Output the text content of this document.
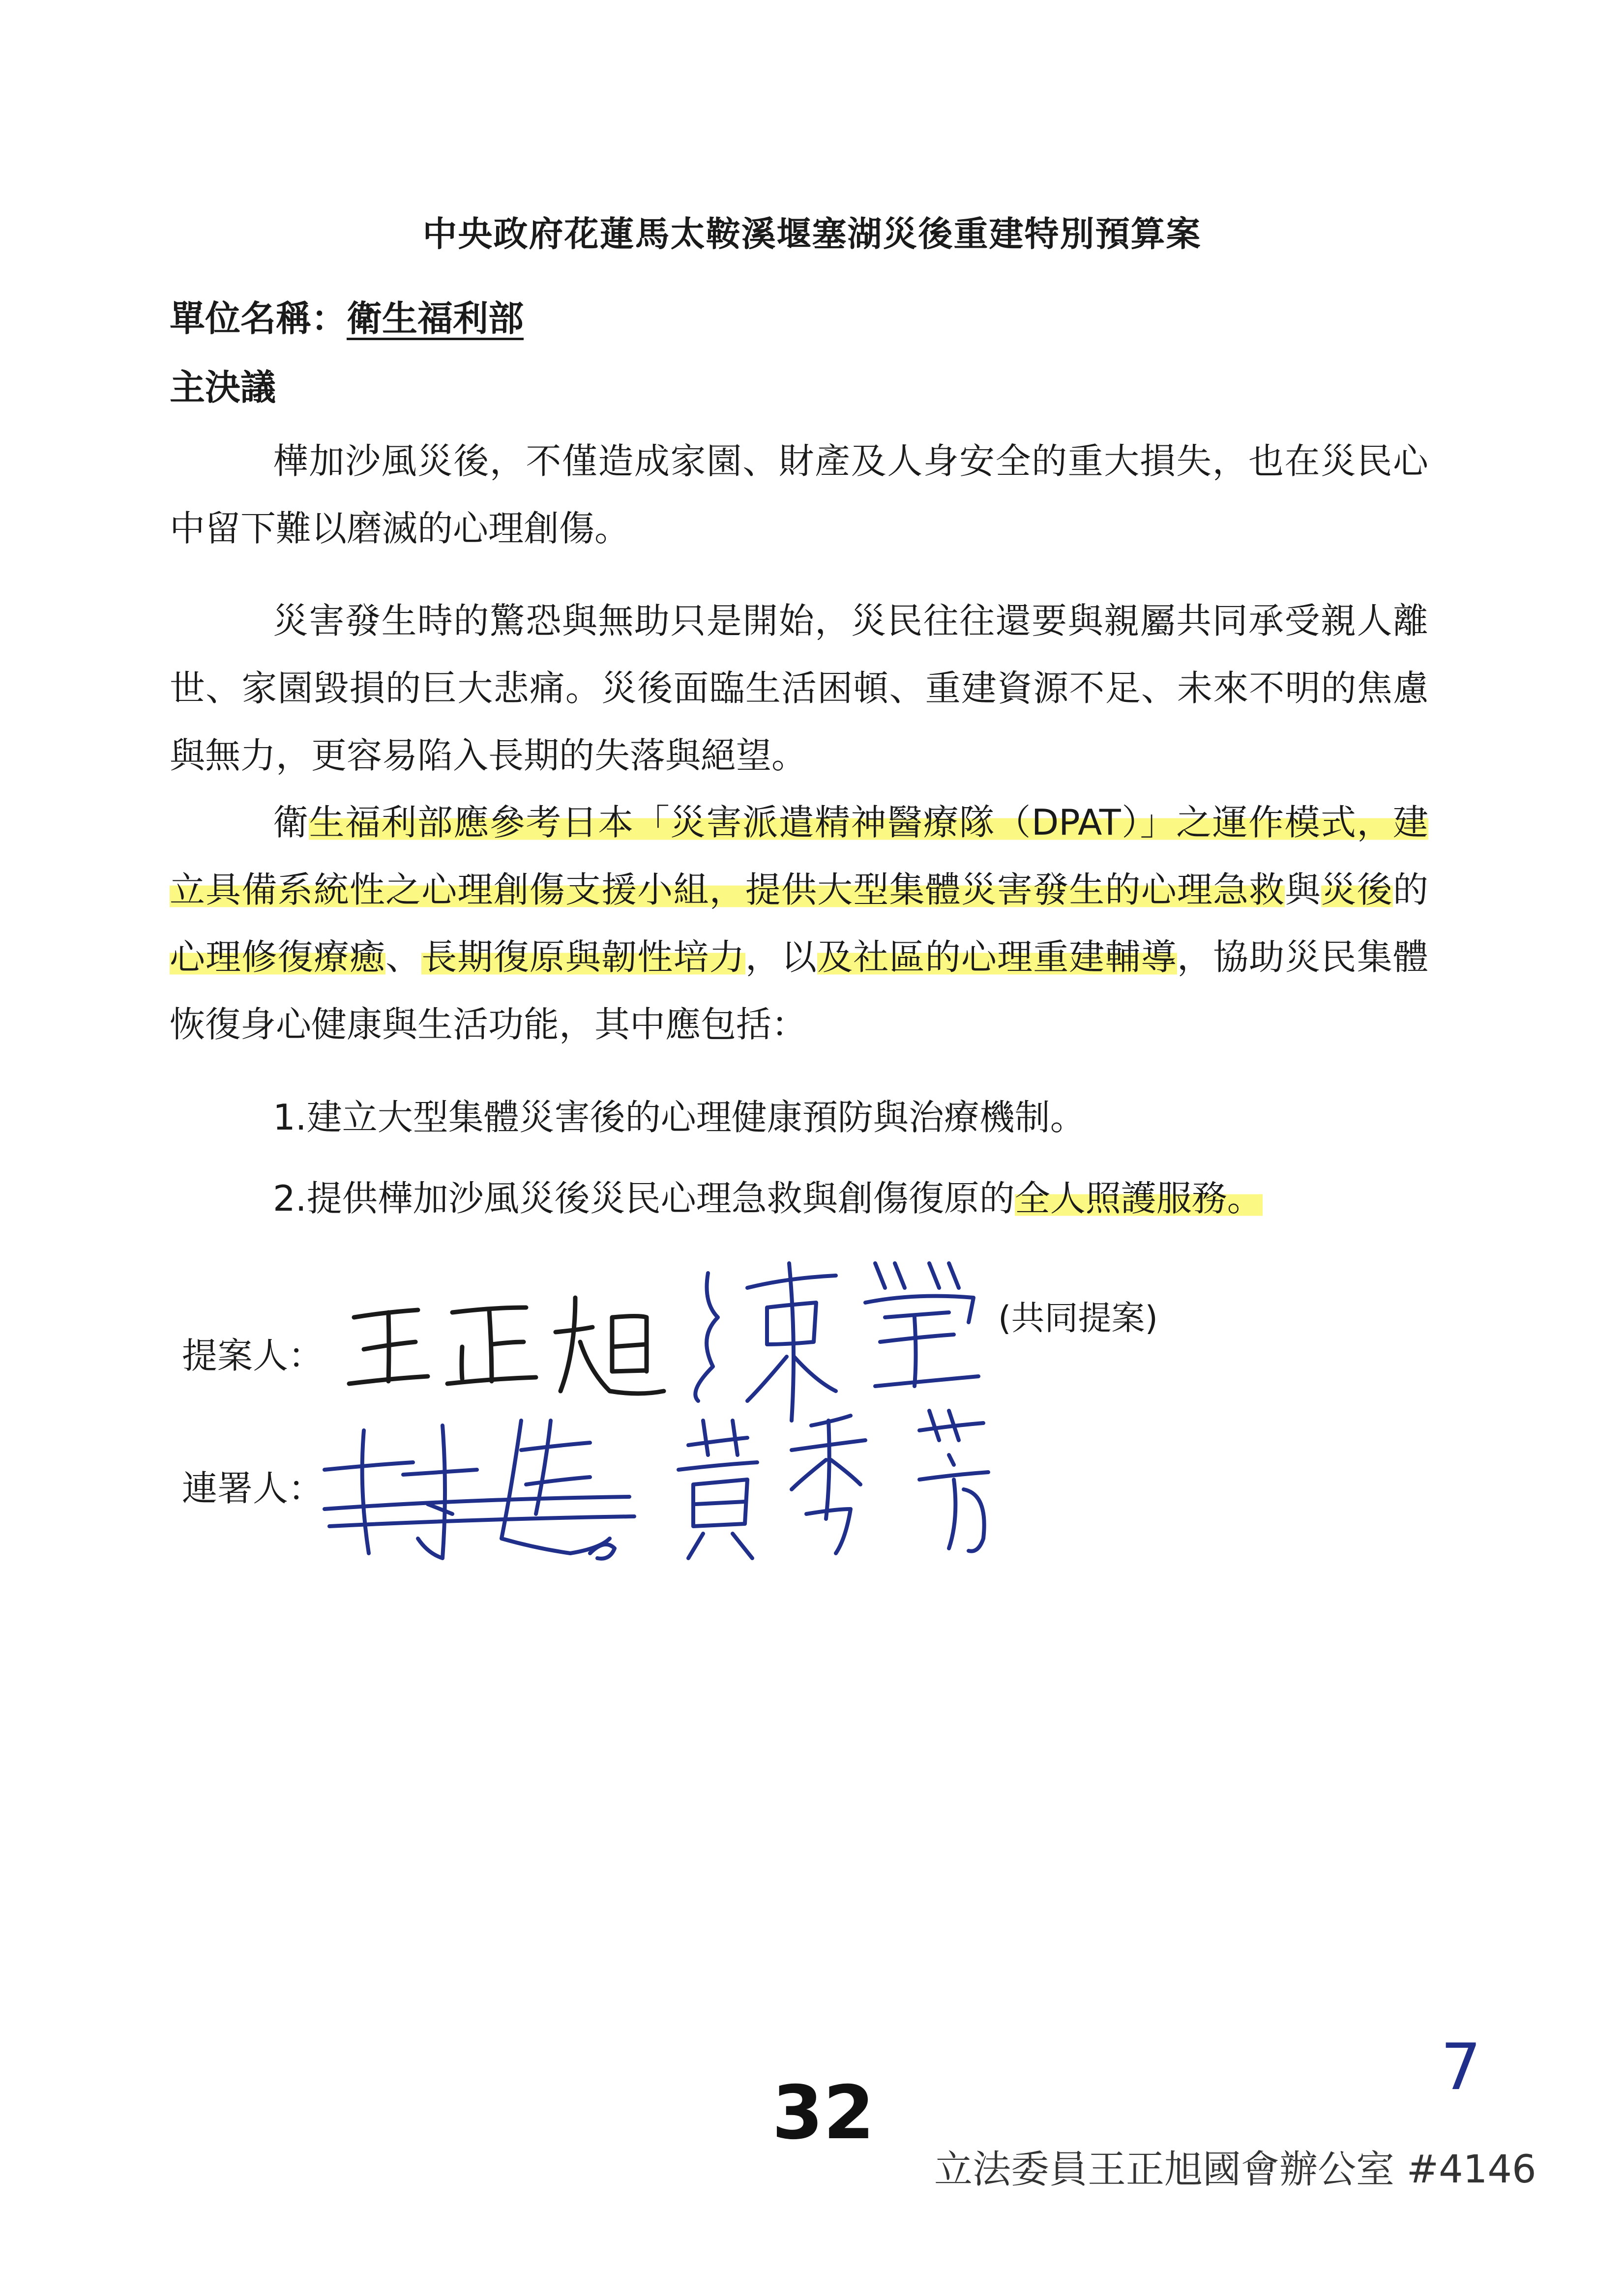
中央政府花蓮馬太鞍溪堰塞湖災後重建特別預算案
單位名稱：衛生福利部
主決議
樺加沙風災後，不僅造成家園、財產及人身安全的重大損失，也在災民心中留下難以磨滅的心理創傷。
災害發生時的驚恐與無助只是開始，災民往往還要與親屬共同承受親人離世、家園毀損的巨大悲痛。災後面臨生活困頓、重建資源不足、未來不明的焦慮與無力，更容易陷入長期的失落與絕望。
衛生福利部應參考日本「災害派遣精神醫療隊（DPAT）」之運作模式，建立具備系統性之心理創傷支援小組，提供大型集體災害發生的心理急救與災後的心理修復療癒、長期復原與韌性培力，以及社區的心理重建輔導，協助災民集體恢復身心健康與生活功能，其中應包括：
1.建立大型集體災害後的心理健康預防與治療機制。
2.提供樺加沙風災後災民心理急救與創傷復原的全人照護服務。
提案人：
連署人：
(共同提案)
32
7
立法委員王正旭國會辦公室 #4146
